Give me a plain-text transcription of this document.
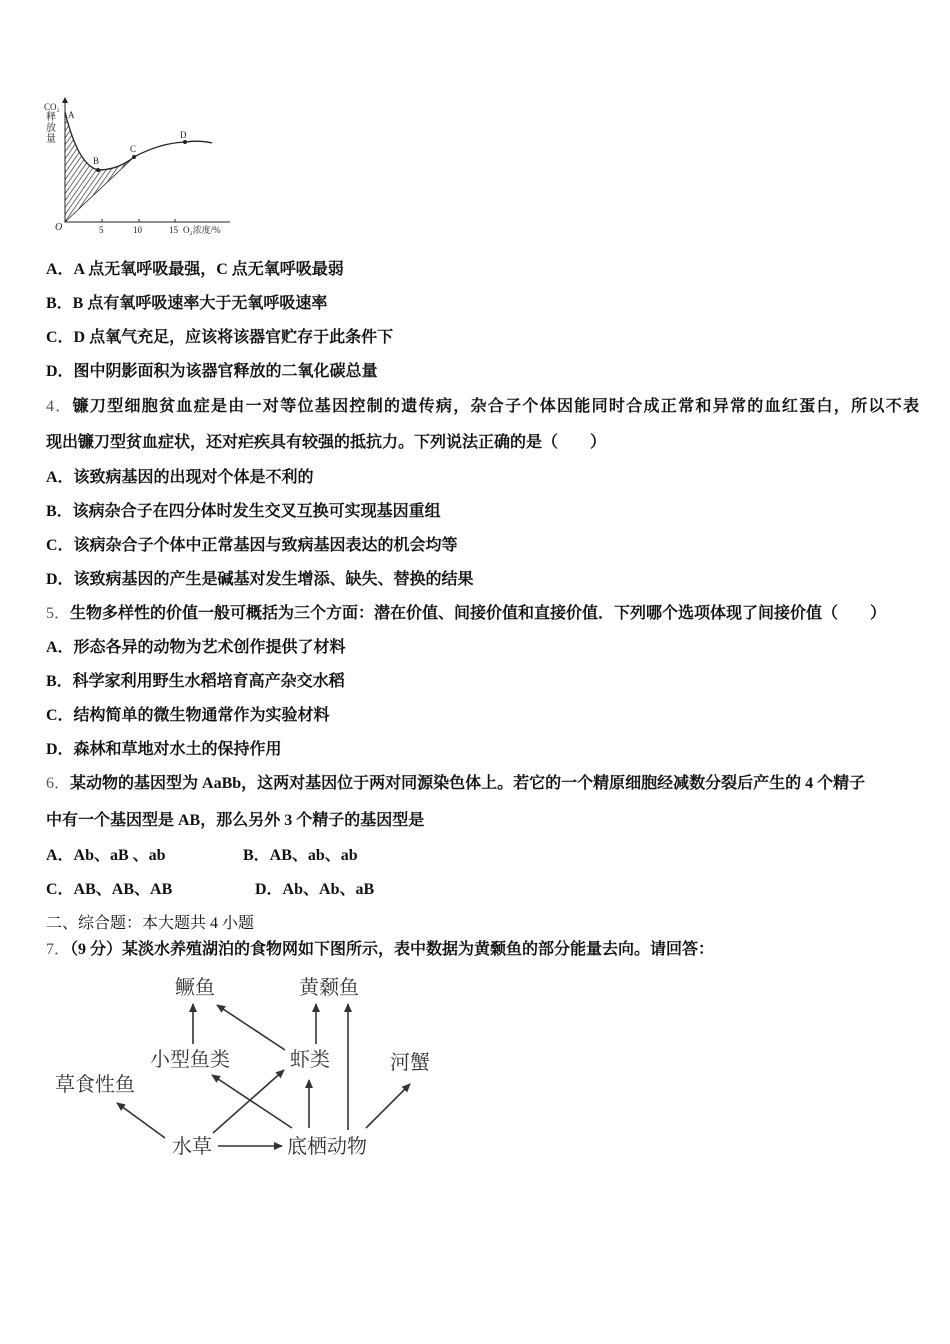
CO₂
A
B
C
D
O	5	10	15 O₂浓度/%
释放量
A．A 点无氧呼吸最强，C 点无氧呼吸最弱
B．B 点有氧呼吸速率大于无氧呼吸速率
C．D 点氧气充足，应该将该器官贮存于此条件下
D．图中阴影面积为该器官释放的二氧化碳总量
4．镰刀型细胞贫血症是由一对等位基因控制的遗传病，杂合子个体因能同时合成正常和异常的血红蛋白，所以不表
现出镰刀型贫血症状，还对疟疾具有较强的抵抗力。下列说法正确的是（　　）
A．该致病基因的出现对个体是不利的
B．该病杂合子在四分体时发生交叉互换可实现基因重组
C．该病杂合子个体中正常基因与致病基因表达的机会均等
D．该致病基因的产生是碱基对发生增添、缺失、替换的结果
5．生物多样性的价值一般可概括为三个方面：潜在价值、间接价值和直接价值．下列哪个选项体现了间接价值（　　）
A．形态各异的动物为艺术创作提供了材料
B．科学家利用野生水稻培育高产杂交水稻
C．结构简单的微生物通常作为实验材料
D．森林和草地对水土的保持作用
6．某动物的基因型为 AaBb，这两对基因位于两对同源染色体上。若它的一个精原细胞经减数分裂后产生的 4 个精子
中有一个基因型是 AB，那么另外 3 个精子的基因型是
A．Ab、aB 、ab	B．AB、ab、ab
C．AB、AB、AB	D．Ab、Ab、aB
二、综合题：本大题共 4 小题
7．（9 分）某淡水养殖湖泊的食物网如下图所示，表中数据为黄颡鱼的部分能量去向。请回答：
鳜鱼	黄颡鱼
小型鱼类	虾类	河蟹
草食性鱼
水草	底栖动物
